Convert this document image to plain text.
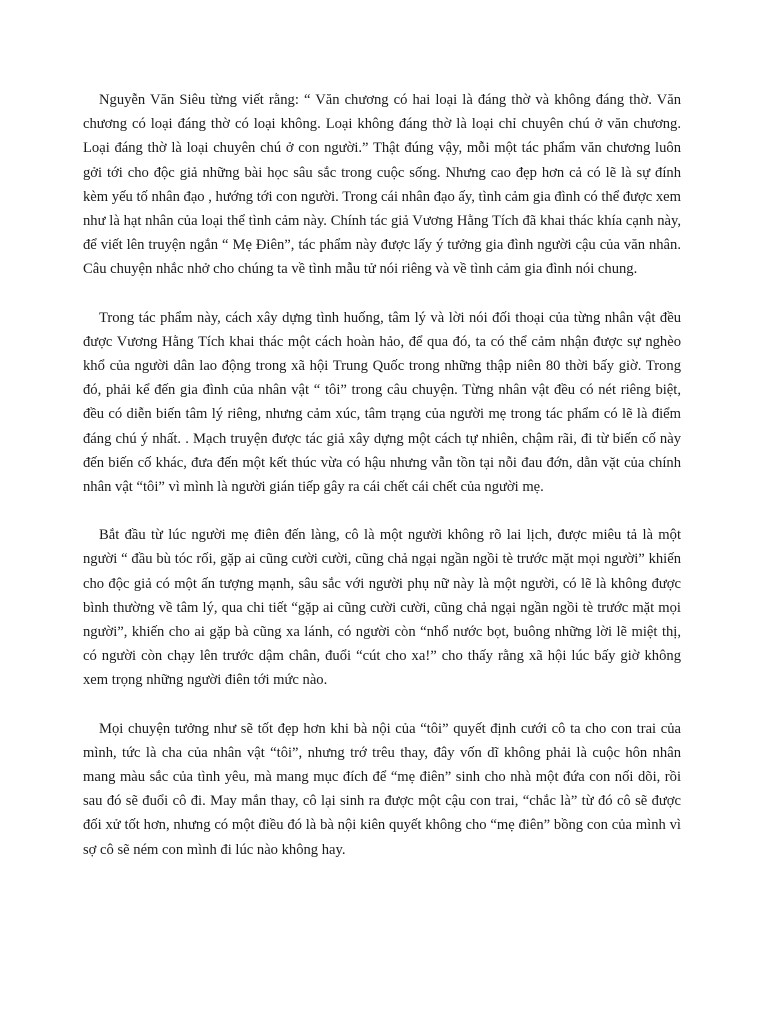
Nguyễn Văn Siêu từng viết rằng: “ Văn chương có hai loại là đáng thờ và không đáng thờ. Văn chương có loại đáng thờ có loại không. Loại không đáng thờ là loại chỉ chuyên chú ở văn chương. Loại đáng thờ là loại chuyên chú ở con người.” Thật đúng vậy, mỗi một tác phẩm văn chương luôn gởi tới cho độc giả những bài học sâu sắc trong cuộc sống. Nhưng cao đẹp hơn cả có lẽ là sự đính kèm yếu tố nhân đạo , hướng tới con người. Trong cái nhân đạo ấy, tình cảm gia đình có thể được xem như là hạt nhân của loại thể tình cảm này. Chính tác giả Vương Hằng Tích đã khai thác khía cạnh này, để viết lên truyện ngắn “ Mẹ Điên”, tác phẩm này được lấy ý tưởng gia đình người cậu của văn nhân. Câu chuyện nhắc nhở cho chúng ta về tình mẫu tử nói riêng và về tình cảm gia đình nói chung.

Trong tác phẩm này, cách xây dựng tình huống, tâm lý và lời nói đối thoại của từng nhân vật đều được Vương Hằng Tích khai thác một cách hoàn hảo, để qua đó, ta có thể cảm nhận được sự nghèo khổ của người dân lao động trong xã hội Trung Quốc trong những thập niên 80 thời bấy giờ. Trong đó, phải kể đến gia đình của nhân vật “ tôi” trong câu chuyện. Từng nhân vật đều có nét riêng biệt, đều có diễn biến tâm lý riêng, nhưng cảm xúc, tâm trạng của người mẹ trong tác phẩm có lẽ là điểm đáng chú ý nhất. . Mạch truyện được tác giả xây dựng một cách tự nhiên, chậm rãi, đi từ biến cố này đến biến cố khác, đưa đến một kết thúc vừa có hậu nhưng vẫn tồn tại nỗi đau đớn, dằn vặt của chính nhân vật “tôi” vì mình là người gián tiếp gây ra cái chết cái chết của người mẹ.

Bắt đầu từ lúc người mẹ điên đến làng, cô là một người không rõ lai lịch, được miêu tả là một người “ đầu bù tóc rối, gặp ai cũng cười cười, cũng chả ngại ngần ngồi tè trước mặt mọi người” khiến cho độc giả có một ấn tượng mạnh, sâu sắc với người phụ nữ này là một người, có lẽ là không được bình thường về tâm lý, qua chi tiết “gặp ai cũng cười cười, cũng chả ngại ngần ngồi tè trước mặt mọi người”, khiến cho ai gặp bà cũng xa lánh, có người còn “nhổ nước bọt, buông những lời lẽ miệt thị, có người còn chạy lên trước dậm chân, đuổi “cút cho xa!” cho thấy rằng xã hội lúc bấy giờ không xem trọng những người điên tới mức nào.

Mọi chuyện tưởng như sẽ tốt đẹp hơn khi bà nội của “tôi” quyết định cưới cô ta cho con trai của mình, tức là cha của nhân vật “tôi”, nhưng trớ trêu thay, đây vốn dĩ không phải là cuộc hôn nhân mang màu sắc của tình yêu, mà mang mục đích để “mẹ điên” sinh cho nhà một đứa con nối dõi, rồi sau đó sẽ đuổi cô đi. May mắn thay, cô lại sinh ra được một cậu con trai, “chắc là” từ đó cô sẽ được đối xử tốt hơn, nhưng có một điều đó là bà nội kiên quyết không cho “mẹ điên” bồng con của mình vì sợ cô sẽ ném con mình đi lúc nào không hay.
